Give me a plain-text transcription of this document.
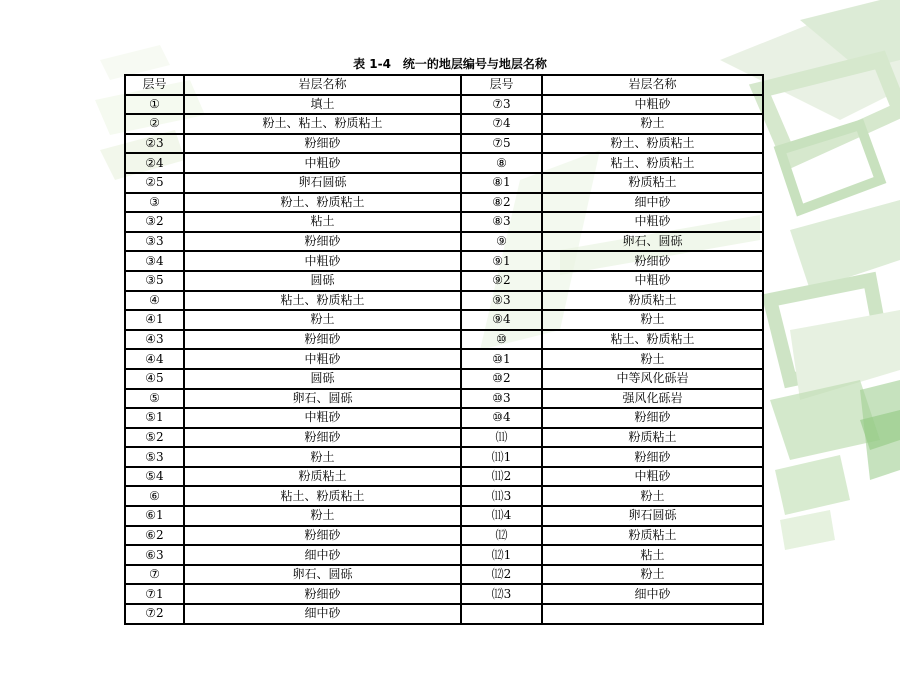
表 1-4　统一的地层编号与地层名称
层号	岩层名称	层号	岩层名称
①	填土	⑦3	中粗砂
②	粉土、粘土、粉质粘土	⑦4	粉土
②3	粉细砂	⑦5	粉土、粉质粘土
②4	中粗砂	⑧	粘土、粉质粘土
②5	卵石圆砾	⑧1	粉质粘土
③	粉土、粉质粘土	⑧2	细中砂
③2	粘土	⑧3	中粗砂
③3	粉细砂	⑨	卵石、圆砾
③4	中粗砂	⑨1	粉细砂
③5	圆砾	⑨2	中粗砂
④	粘土、粉质粘土	⑨3	粉质粘土
④1	粉土	⑨4	粉土
④3	粉细砂	⑩	粘土、粉质粘土
④4	中粗砂	⑩1	粉土
④5	圆砾	⑩2	中等风化砾岩
⑤	卵石、圆砾	⑩3	强风化砾岩
⑤1	中粗砂	⑩4	粉细砂
⑤2	粉细砂	⑾	粉质粘土
⑤3	粉土	⑾1	粉细砂
⑤4	粉质粘土	⑾2	中粗砂
⑥	粘土、粉质粘土	⑾3	粉土
⑥1	粉土	⑾4	卵石圆砾
⑥2	粉细砂	⑿	粉质粘土
⑥3	细中砂	⑿1	粘土
⑦	卵石、圆砾	⑿2	粉土
⑦1	粉细砂	⑿3	细中砂
⑦2	细中砂		
